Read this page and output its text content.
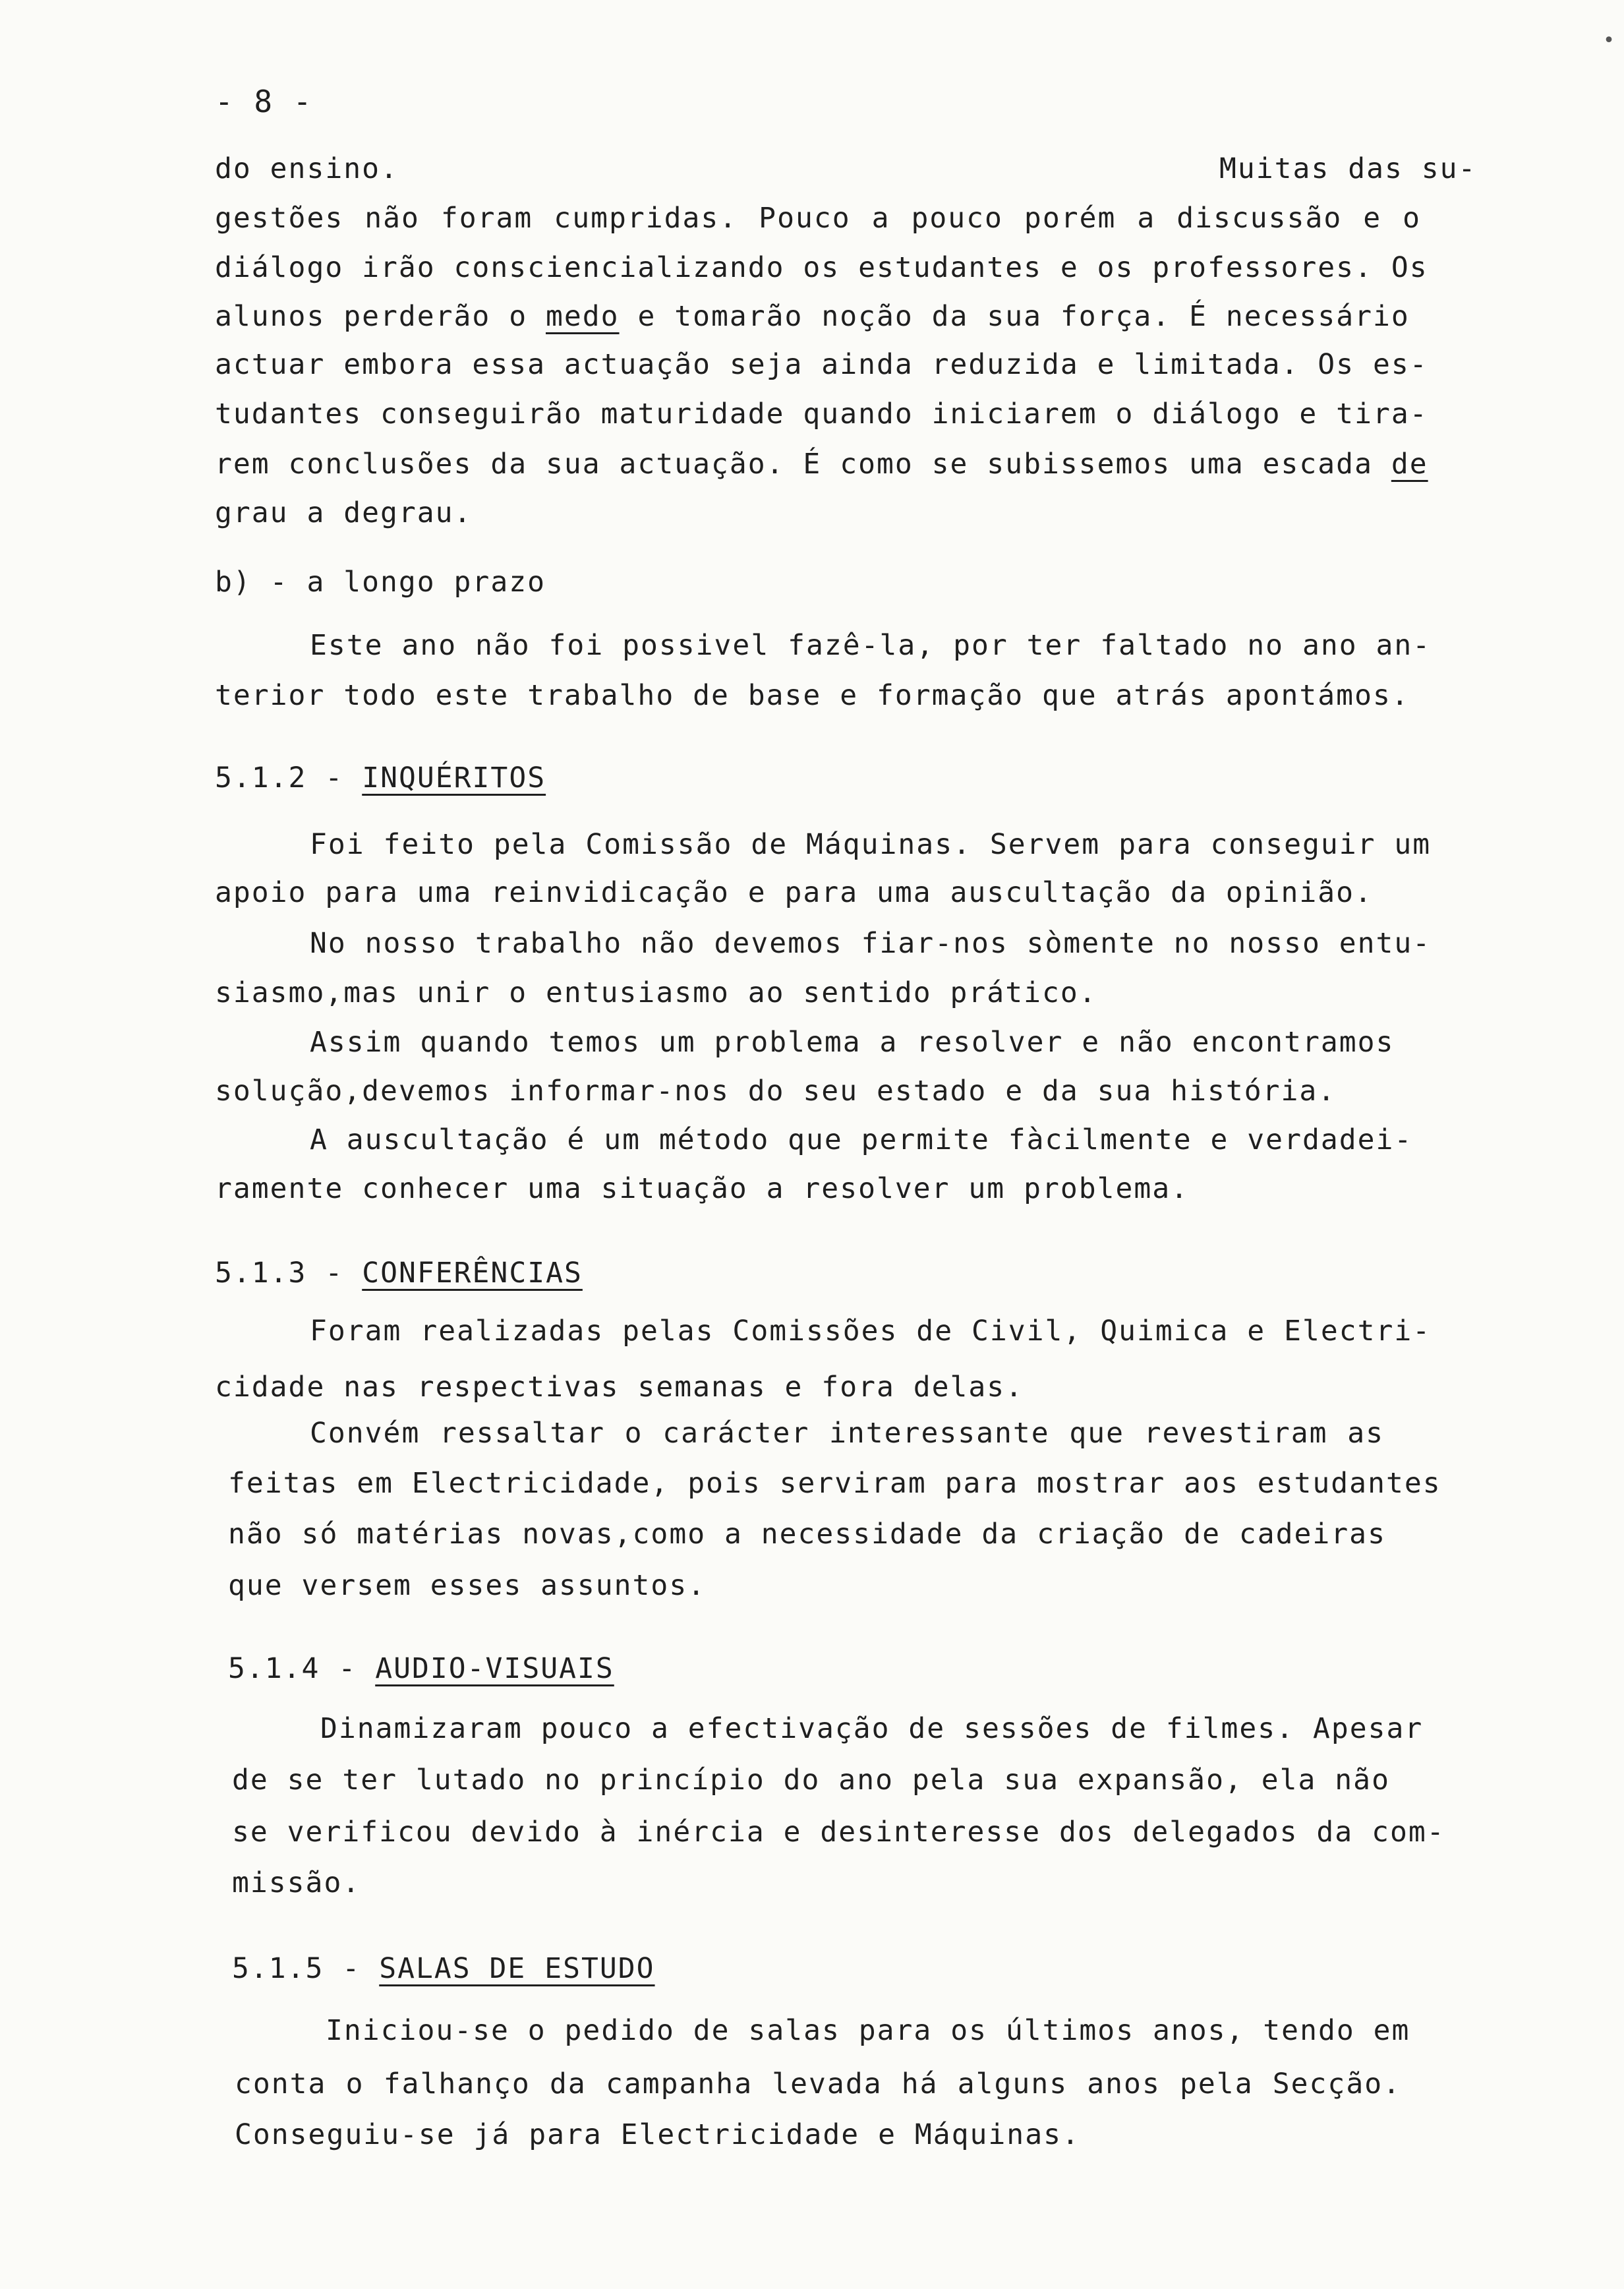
•
- 8 -
do ensino.	Muitas das su-
gestões não foram cumpridas. Pouco a pouco porém a discussão e o
diálogo irão consciencializando os estudantes e os professores. Os
alunos perderão o medo e tomarão noção da sua força. É necessário
actuar embora essa actuação seja ainda reduzida e limitada. Os es-
tudantes conseguirão maturidade quando iniciarem o diálogo e tira-
rem conclusões da sua actuação. É como se subissemos uma escada de
grau a degrau.
b) - a longo prazo
Este ano não foi possivel fazê-la, por ter faltado no ano an-
terior todo este trabalho de base e formação que atrás apontámos.
5.1.2 - INQUÉRITOS
Foi feito pela Comissão de Máquinas. Servem para conseguir um
apoio para uma reinvidicação e para uma auscultação da opinião.
No nosso trabalho não devemos fiar-nos sòmente no nosso entu-
siasmo,mas unir o entusiasmo ao sentido prático.
Assim quando temos um problema a resolver e não encontramos
solução,devemos informar-nos do seu estado e da sua história.
A auscultação é um método que permite fàcilmente e verdadei-
ramente conhecer uma situação a resolver um problema.
5.1.3 - CONFERÊNCIAS
Foram realizadas pelas Comissões de Civil, Quimica e Electri-
cidade nas respectivas semanas e fora delas.
Convém ressaltar o carácter interessante que revestiram as
feitas em Electricidade, pois serviram para mostrar aos estudantes
não só matérias novas,como a necessidade da criação de cadeiras
que versem esses assuntos.
5.1.4 - AUDIO-VISUAIS
Dinamizaram pouco a efectivação de sessões de filmes. Apesar
de se ter lutado no princípio do ano pela sua expansão, ela não
se verificou devido à inércia e desinteresse dos delegados da com-
missão.
5.1.5 - SALAS DE ESTUDO
Iniciou-se o pedido de salas para os últimos anos, tendo em
conta o falhanço da campanha levada há alguns anos pela Secção.
Conseguiu-se já para Electricidade e Máquinas.
